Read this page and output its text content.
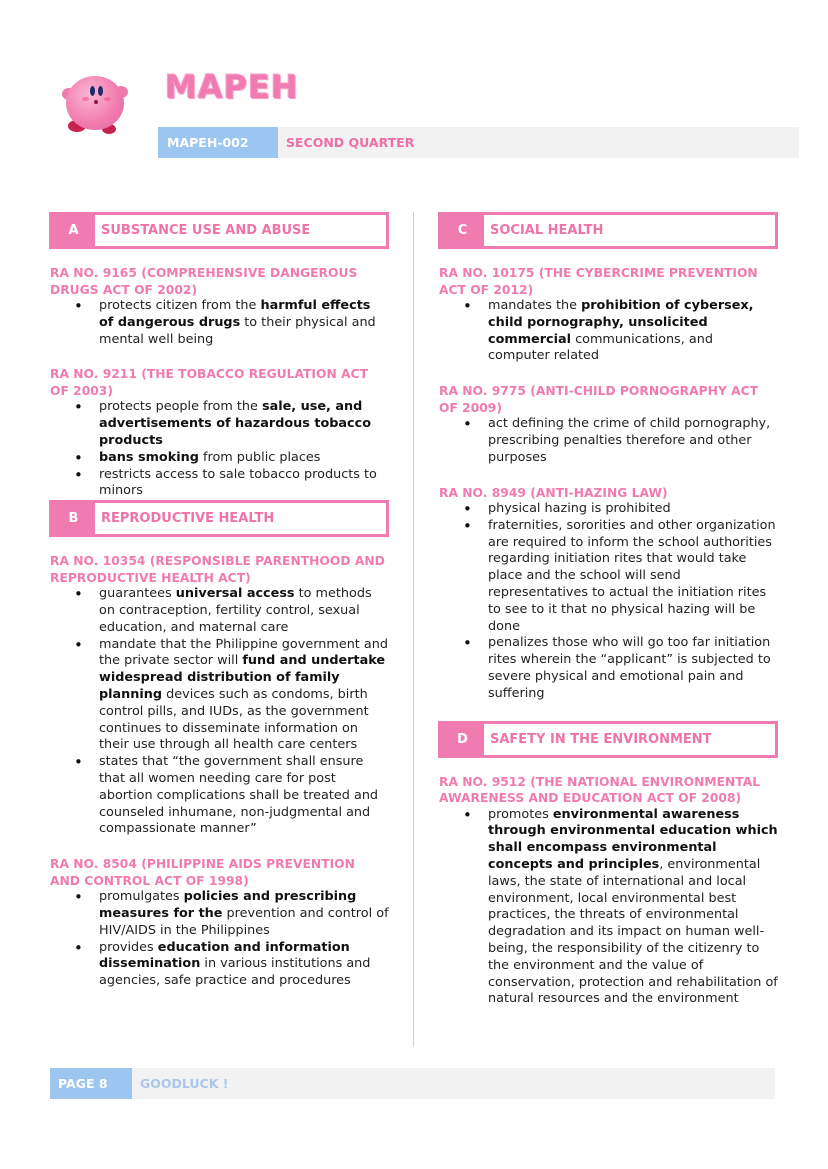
MAPEH
MAPEH-002	SECOND QUARTER
A	SUBSTANCE USE AND ABUSE
RA NO. 9165 (COMPREHENSIVE DANGEROUS DRUGS ACT OF 2002)
• protects citizen from the harmful effects of dangerous drugs to their physical and mental well being
RA NO. 9211 (THE TOBACCO REGULATION ACT OF 2003)
• protects people from the sale, use, and advertisements of hazardous tobacco products
• bans smoking from public places
• restricts access to sale tobacco products to minors
B	REPRODUCTIVE HEALTH
RA NO. 10354 (RESPONSIBLE PARENTHOOD AND REPRODUCTIVE HEALTH ACT)
• guarantees universal access to methods on contraception, fertility control, sexual education, and maternal care
• mandate that the Philippine government and the private sector will fund and undertake widespread distribution of family planning devices such as condoms, birth control pills, and IUDs, as the government continues to disseminate information on their use through all health care centers
• states that “the government shall ensure that all women needing care for post abortion complications shall be treated and counseled inhumane, non-judgmental and compassionate manner”
RA NO. 8504 (PHILIPPINE AIDS PREVENTION AND CONTROL ACT OF 1998)
• promulgates policies and prescribing measures for the prevention and control of HIV/AIDS in the Philippines
• provides education and information dissemination in various institutions and agencies, safe practice and procedures
C	SOCIAL HEALTH
RA NO. 10175 (THE CYBERCRIME PREVENTION ACT OF 2012)
• mandates the prohibition of cybersex, child pornography, unsolicited commercial communications, and computer related
RA NO. 9775 (ANTI-CHILD PORNOGRAPHY ACT OF 2009)
• act defining the crime of child pornography, prescribing penalties therefore and other purposes
RA NO. 8949 (ANTI-HAZING LAW)
• physical hazing is prohibited
• fraternities, sororities and other organization are required to inform the school authorities regarding initiation rites that would take place and the school will send representatives to actual the initiation rites to see to it that no physical hazing will be done
• penalizes those who will go too far initiation rites wherein the “applicant” is subjected to severe physical and emotional pain and suffering
D	SAFETY IN THE ENVIRONMENT
RA NO. 9512 (THE NATIONAL ENVIRONMENTAL AWARENESS AND EDUCATION ACT OF 2008)
• promotes environmental awareness through environmental education which shall encompass environmental concepts and principles, environmental laws, the state of international and local environment, local environmental best practices, the threats of environmental degradation and its impact on human well-being, the responsibility of the citizenry to the environment and the value of conservation, protection and rehabilitation of natural resources and the environment
PAGE 8	GOODLUCK !
